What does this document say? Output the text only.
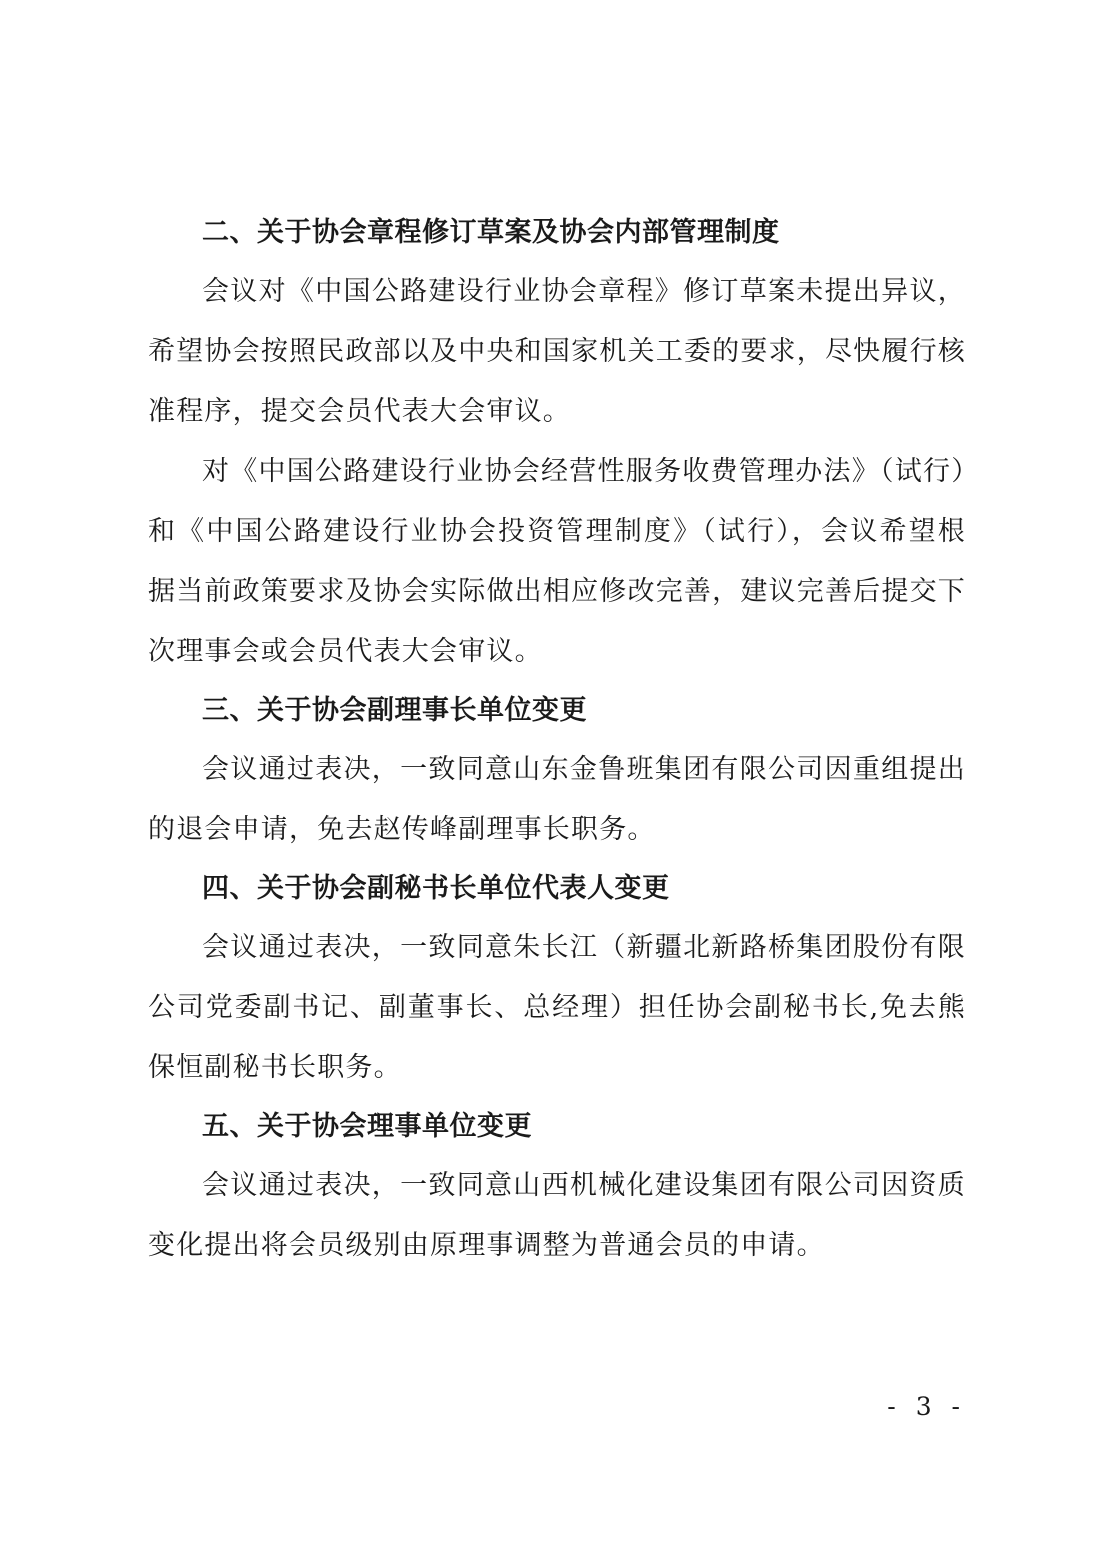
二、关于协会章程修订草案及协会内部管理制度

会议对《中国公路建设行业协会章程》修订草案未提出异议，希望协会按照民政部以及中央和国家机关工委的要求，尽快履行核准程序，提交会员代表大会审议。

对《中国公路建设行业协会经营性服务收费管理办法》（试行）和《中国公路建设行业协会投资管理制度》（试行），会议希望根据当前政策要求及协会实际做出相应修改完善，建议完善后提交下次理事会或会员代表大会审议。

三、关于协会副理事长单位变更

会议通过表决，一致同意山东金鲁班集团有限公司因重组提出的退会申请，免去赵传峰副理事长职务。

四、关于协会副秘书长单位代表人变更

会议通过表决，一致同意朱长江（新疆北新路桥集团股份有限公司党委副书记、副董事长、总经理）担任协会副秘书长,免去熊保恒副秘书长职务。

五、关于协会理事单位变更

会议通过表决，一致同意山西机械化建设集团有限公司因资质变化提出将会员级别由原理事调整为普通会员的申请。

- 3 -
